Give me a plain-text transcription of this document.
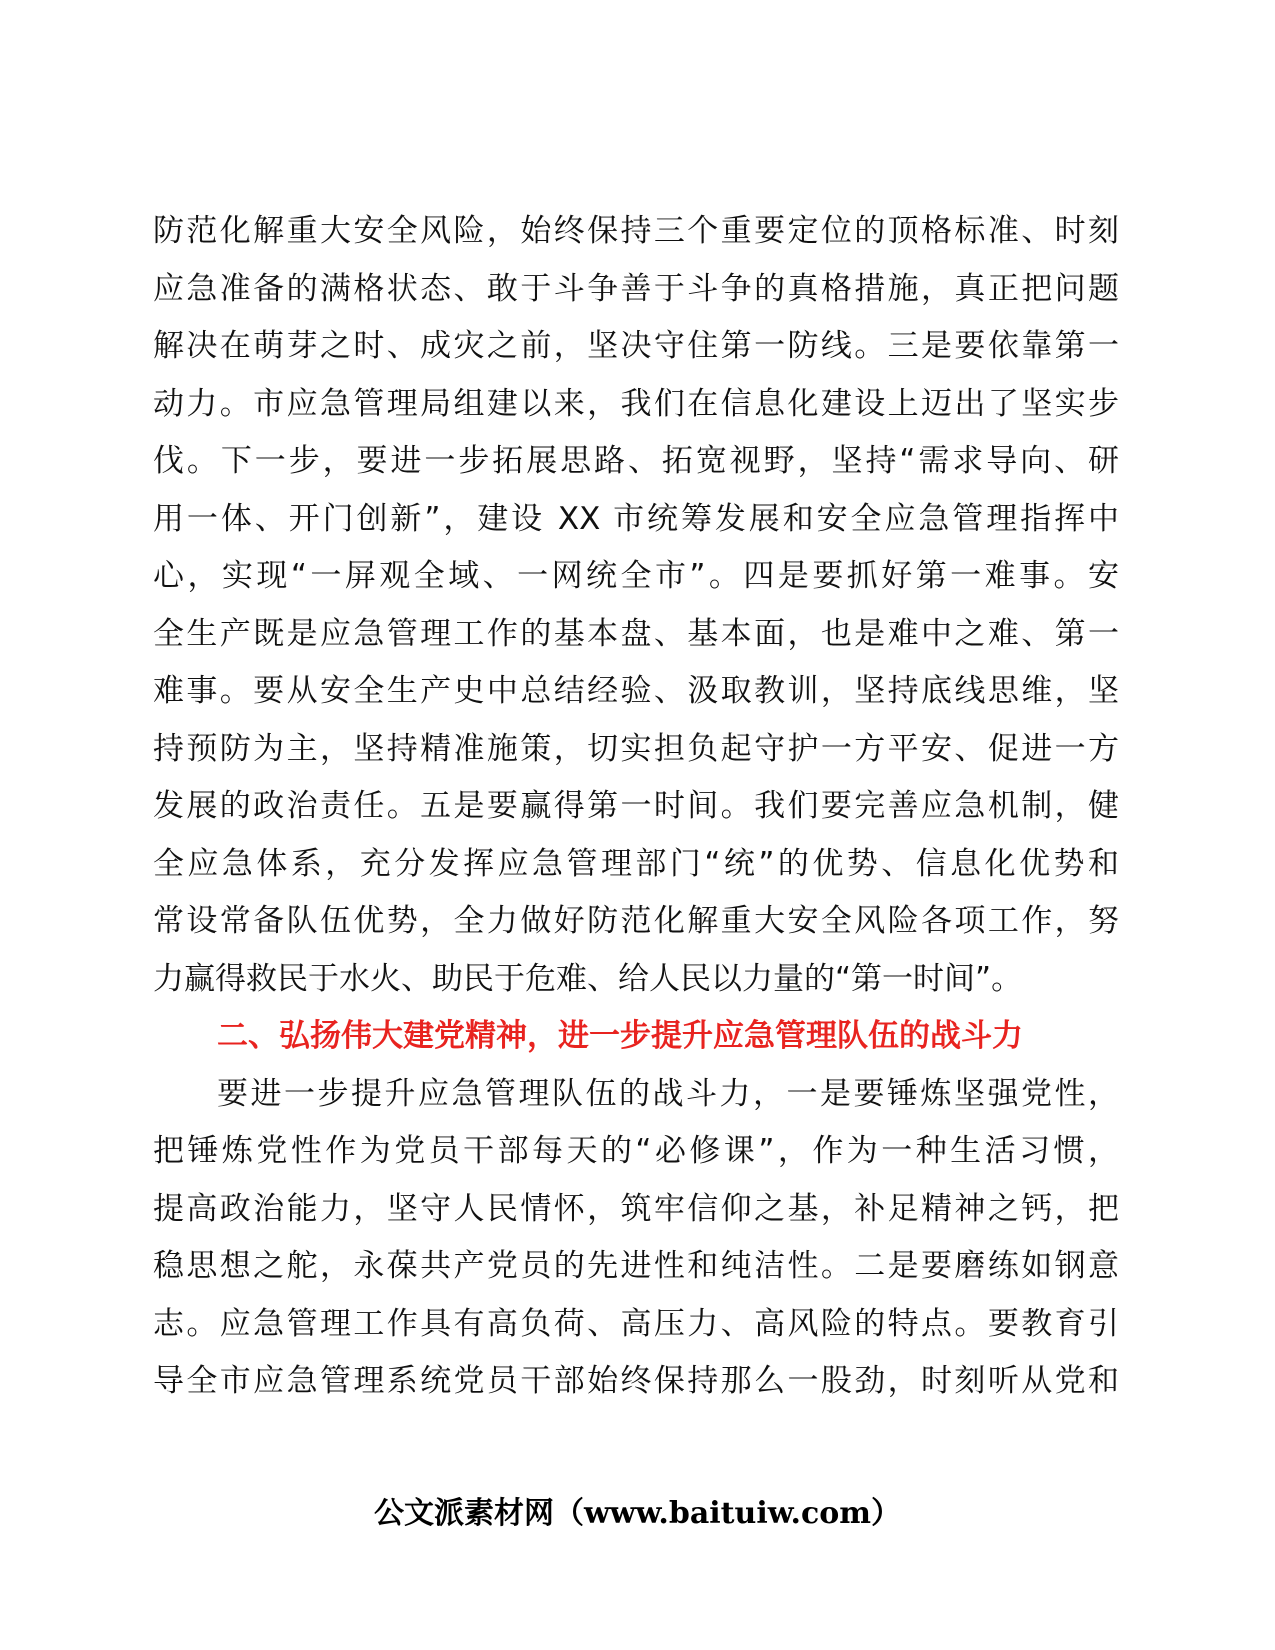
防范化解重大安全风险，始终保持三个重要定位的顶格标准、时刻
应急准备的满格状态、敢于斗争善于斗争的真格措施，真正把问题
解决在萌芽之时、成灾之前，坚决守住第一防线。三是要依靠第一
动力。市应急管理局组建以来，我们在信息化建设上迈出了坚实步
伐。下一步，要进一步拓展思路、拓宽视野，坚持“需求导向、研
用一体、开门创新”，建设 XX 市统筹发展和安全应急管理指挥中
心，实现“一屏观全域、一网统全市”。四是要抓好第一难事。安
全生产既是应急管理工作的基本盘、基本面，也是难中之难、第一
难事。要从安全生产史中总结经验、汲取教训，坚持底线思维，坚
持预防为主，坚持精准施策，切实担负起守护一方平安、促进一方
发展的政治责任。五是要赢得第一时间。我们要完善应急机制，健
全应急体系，充分发挥应急管理部门“统”的优势、信息化优势和
常设常备队伍优势，全力做好防范化解重大安全风险各项工作，努
力赢得救民于水火、助民于危难、给人民以力量的“第一时间”。
二、弘扬伟大建党精神，进一步提升应急管理队伍的战斗力
要进一步提升应急管理队伍的战斗力，一是要锤炼坚强党性，
把锤炼党性作为党员干部每天的“必修课”，作为一种生活习惯，
提高政治能力，坚守人民情怀，筑牢信仰之基，补足精神之钙，把
稳思想之舵，永葆共产党员的先进性和纯洁性。二是要磨练如钢意
志。应急管理工作具有高负荷、高压力、高风险的特点。要教育引
导全市应急管理系统党员干部始终保持那么一股劲，时刻听从党和
公文派素材网（www.baituiw.com）
